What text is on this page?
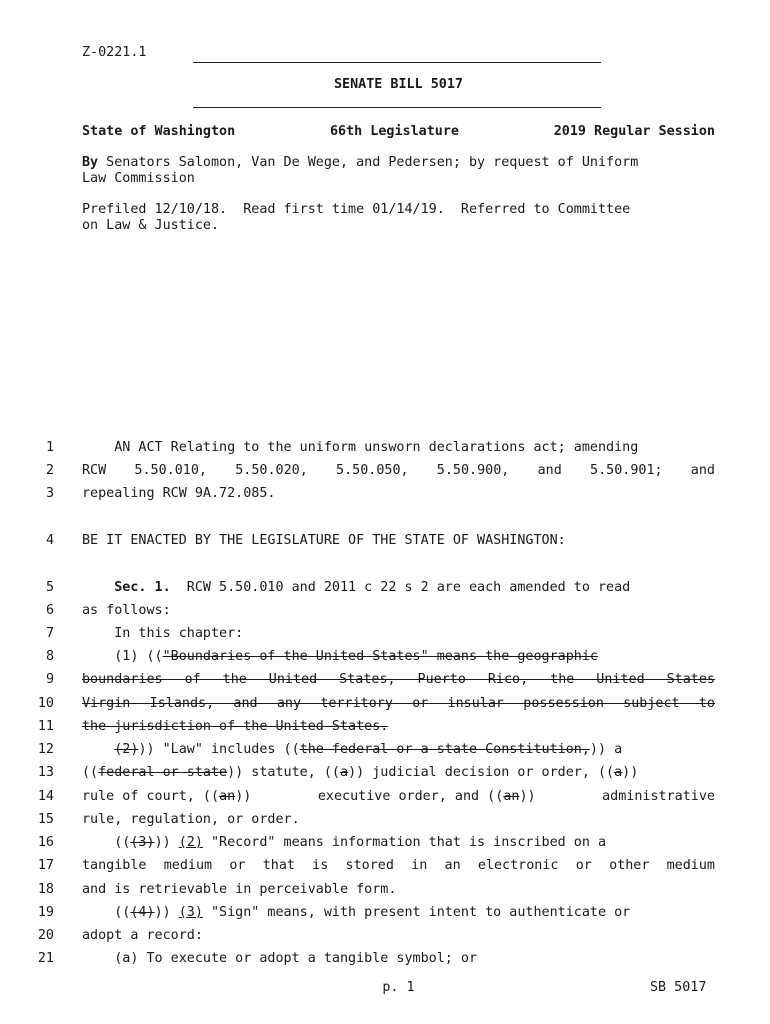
Z-0221.1
SENATE BILL 5017
State of Washington	66th Legislature	2019 Regular Session
By Senators Salomon, Van De Wege, and Pedersen; by request of Uniform
Law Commission
Prefiled 12/10/18.  Read first time 01/14/19.  Referred to Committee
on Law & Justice.
1 AN ACT Relating to the uniform unsworn declarations act; amending
2 RCW 5.50.010, 5.50.020, 5.50.050, 5.50.900, and 5.50.901; and
3 repealing RCW 9A.72.085.
4 BE IT ENACTED BY THE LEGISLATURE OF THE STATE OF WASHINGTON:
5	Sec. 1.  RCW 5.50.010 and 2011 c 22 s 2 are each amended to read
6 as follows:
7 In this chapter:
8 (1) (("Boundaries of the United States" means the geographic
9 boundaries of the United States, Puerto Rico, the United States
10 Virgin Islands, and any territory or insular possession subject to
11 the jurisdiction of the United States.
12	(2))) "Law" includes ((the federal or a state Constitution,)) a
13 ((federal or state)) statute, ((a)) judicial decision or order, ((a))
14 rule of court, ((an))	executive order, and ((an))	administrative
15 rule, regulation, or order.
16 (((3))) (2) "Record" means information that is inscribed on a
17 tangible medium or that is stored in an electronic or other medium
18 and is retrievable in perceivable form.
19 (((4))) (3) "Sign" means, with present intent to authenticate or
20 adopt a record:
21 (a) To execute or adopt a tangible symbol; or
p. 1	SB 5017
